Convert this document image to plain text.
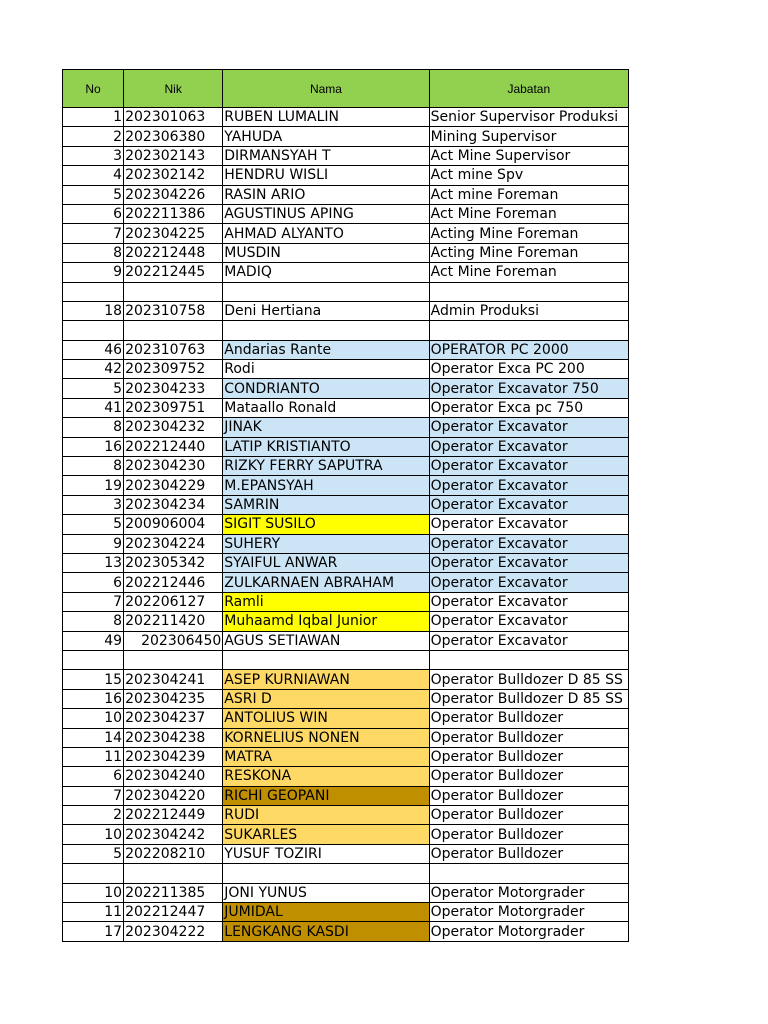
No	Nik	Nama	Jabatan
1	202301063	RUBEN LUMALIN	Senior Supervisor Produksi
2	202306380	YAHUDA	Mining Supervisor
3	202302143	DIRMANSYAH T	Act Mine Supervisor
4	202302142	HENDRU WISLI	Act mine Spv
5	202304226	RASIN ARIO	Act mine Foreman
6	202211386	AGUSTINUS APING	Act Mine Foreman
7	202304225	AHMAD ALYANTO	Acting Mine Foreman
8	202212448	MUSDIN	Acting Mine Foreman
9	202212445	MADIQ	Act Mine Foreman

18	202310758	Deni Hertiana	Admin Produksi

46	202310763	Andarias Rante	OPERATOR PC 2000
42	202309752	Rodi	Operator Exca PC 200
5	202304233	CONDRIANTO	Operator Excavator 750
41	202309751	Mataallo Ronald	Operator Exca pc 750
8	202304232	JINAK	Operator Excavator
16	202212440	LATIP KRISTIANTO	Operator Excavator
8	202304230	RIZKY FERRY SAPUTRA	Operator Excavator
19	202304229	M.EPANSYAH	Operator Excavator
3	202304234	SAMRIN	Operator Excavator
5	200906004	SIGIT SUSILO	Operator Excavator
9	202304224	SUHERY	Operator Excavator
13	202305342	SYAIFUL ANWAR	Operator Excavator
6	202212446	ZULKARNAEN ABRAHAM	Operator Excavator
7	202206127	Ramli	Operator Excavator
8	202211420	Muhaamd Iqbal Junior	Operator Excavator
49	202306450	AGUS SETIAWAN	Operator Excavator

15	202304241	ASEP KURNIAWAN	Operator Bulldozer D 85 SS
16	202304235	ASRI D	Operator Bulldozer D 85 SS
10	202304237	ANTOLIUS WIN	Operator Bulldozer
14	202304238	KORNELIUS NONEN	Operator Bulldozer
11	202304239	MATRA	Operator Bulldozer
6	202304240	RESKONA	Operator Bulldozer
7	202304220	RICHI GEOPANI	Operator Bulldozer
2	202212449	RUDI	Operator Bulldozer
10	202304242	SUKARLES	Operator Bulldozer
5	202208210	YUSUF TOZIRI	Operator Bulldozer

10	202211385	JONI YUNUS	Operator Motorgrader
11	202212447	JUMIDAL	Operator Motorgrader
17	202304222	LENGKANG KASDI	Operator Motorgrader
